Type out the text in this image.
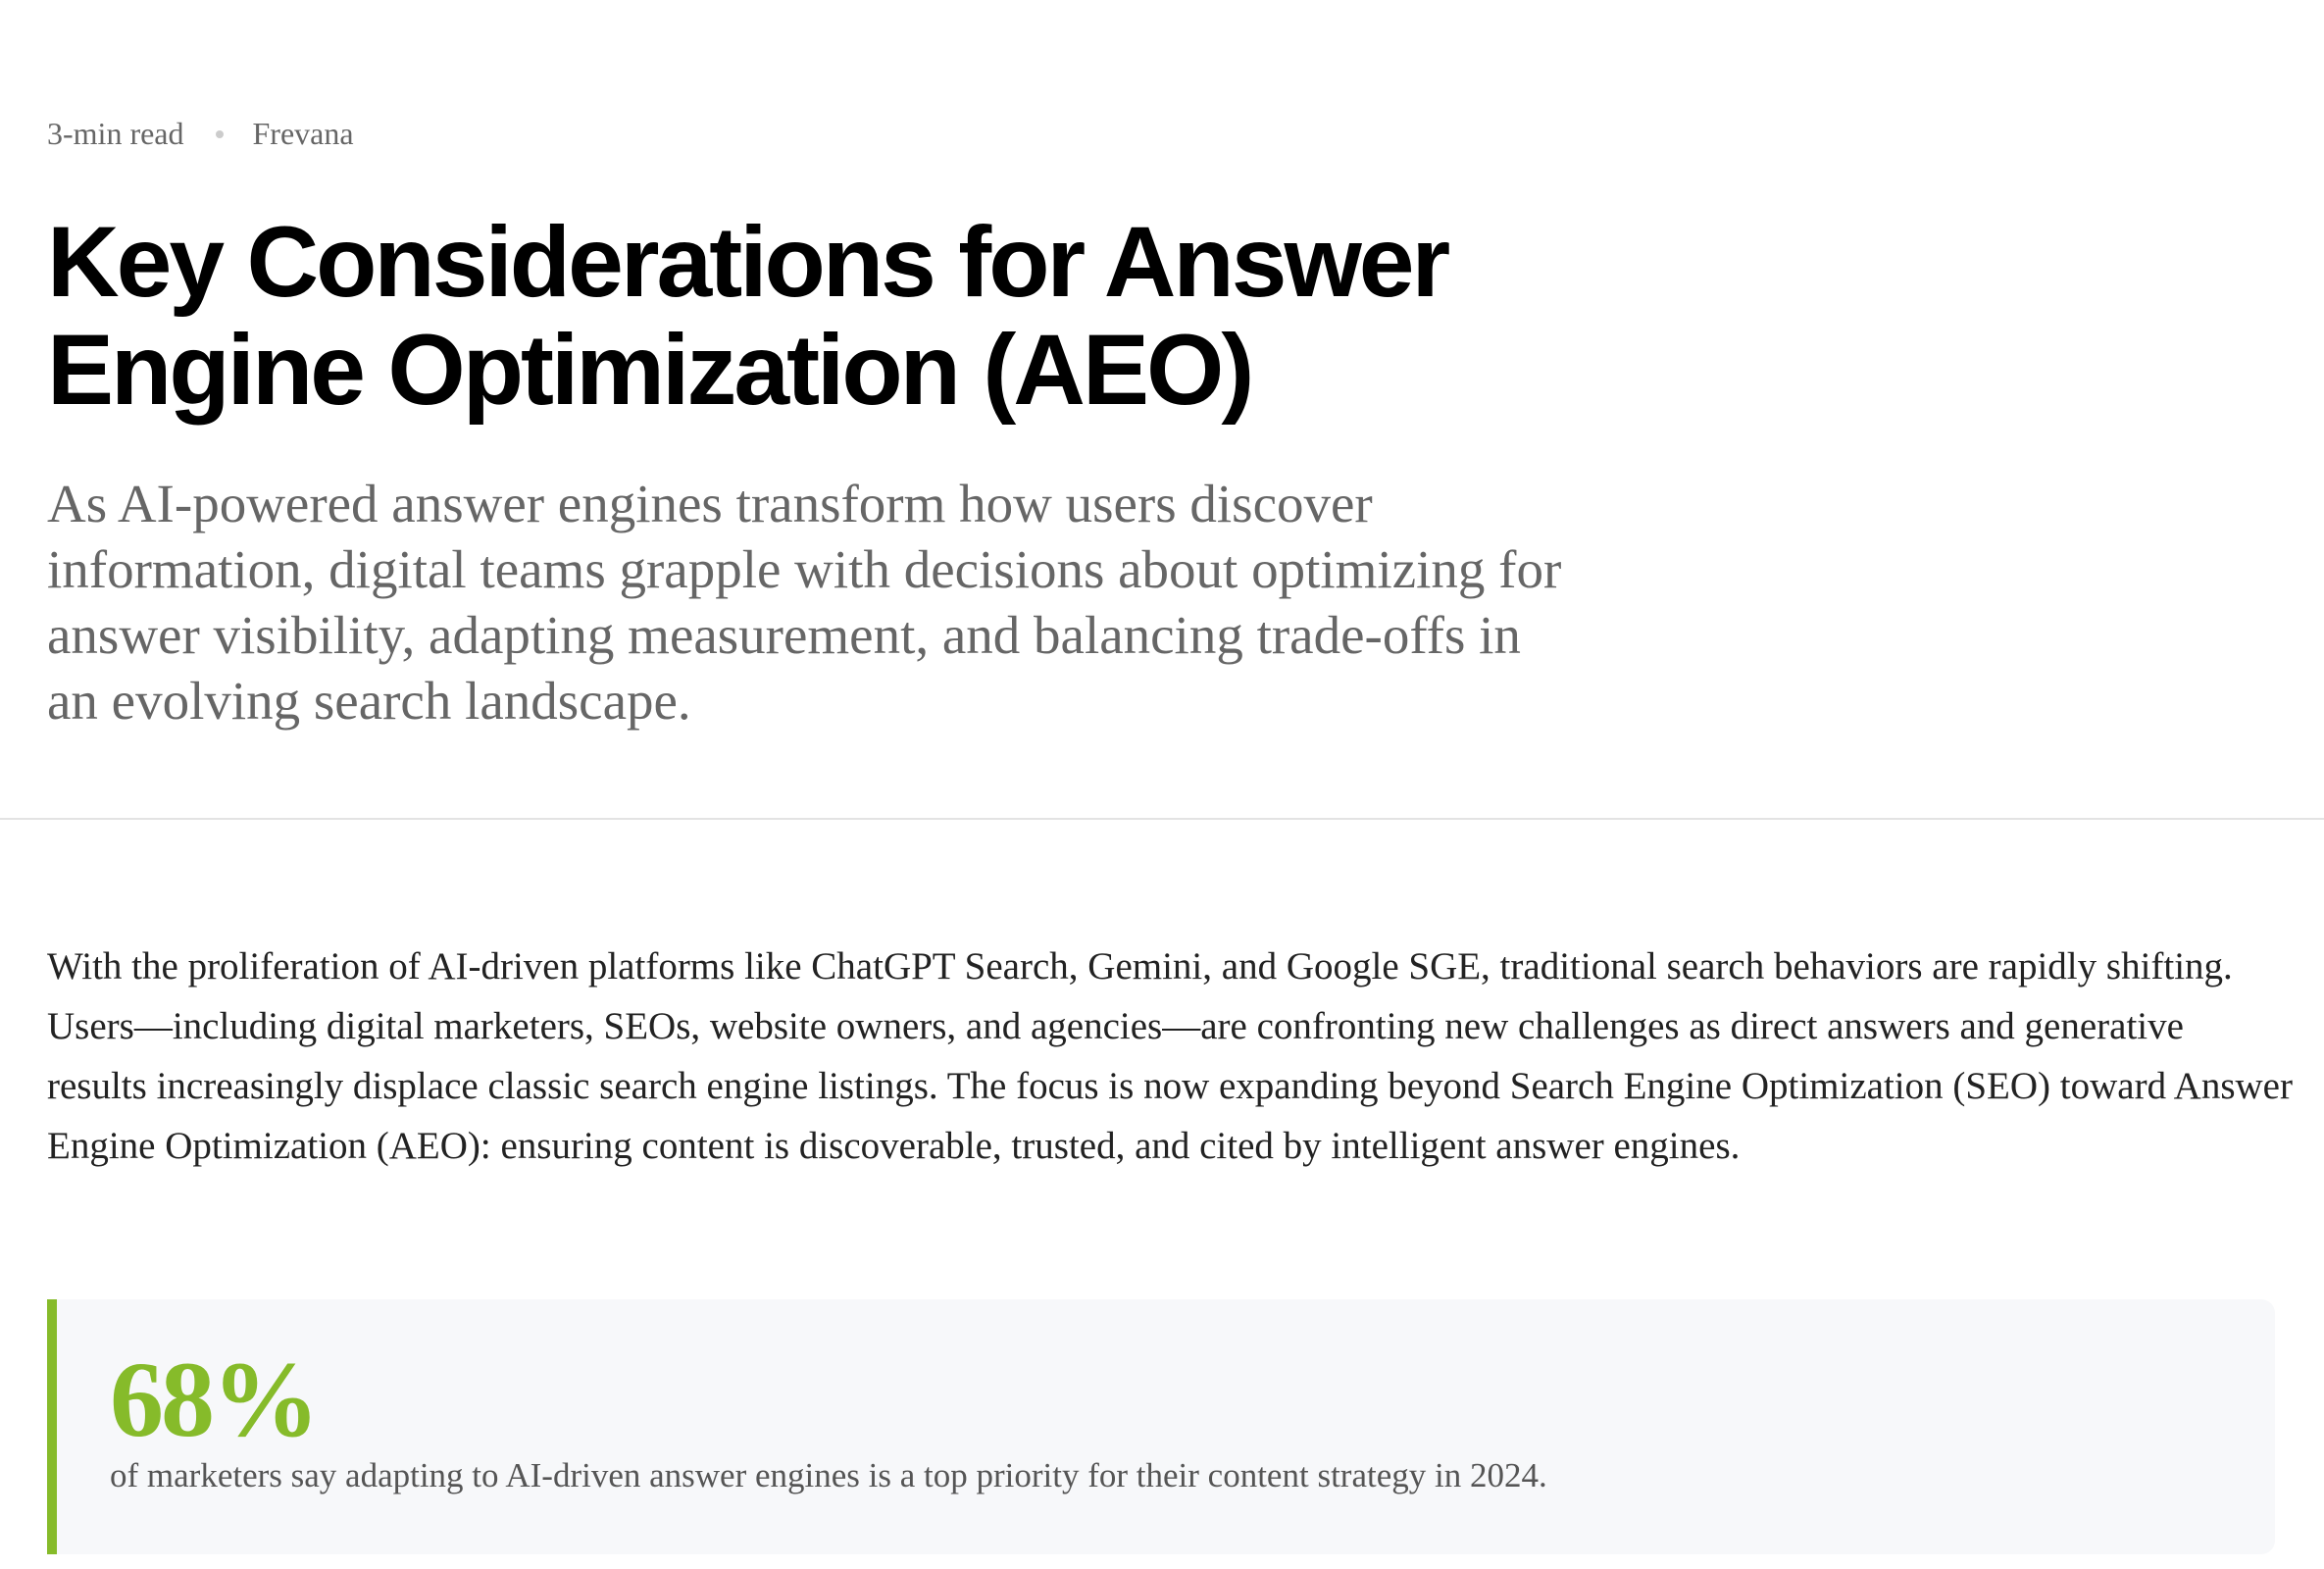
3-min read Frevana
Key Considerations for Answer Engine Optimization (AEO)

As AI-powered answer engines transform how users discover information, digital teams grapple with decisions about optimizing for answer visibility, adapting measurement, and balancing trade-offs in an evolving search landscape.

With the proliferation of AI-driven platforms like ChatGPT Search, Gemini, and Google SGE, traditional search behaviors are rapidly shifting. Users—including digital marketers, SEOs, website owners, and agencies—are confronting new challenges as direct answers and generative results increasingly displace classic search engine listings. The focus is now expanding beyond Search Engine Optimization (SEO) toward Answer Engine Optimization (AEO): ensuring content is discoverable, trusted, and cited by intelligent answer engines.

68%
of marketers say adapting to AI-driven answer engines is a top priority for their content strategy in 2024.
